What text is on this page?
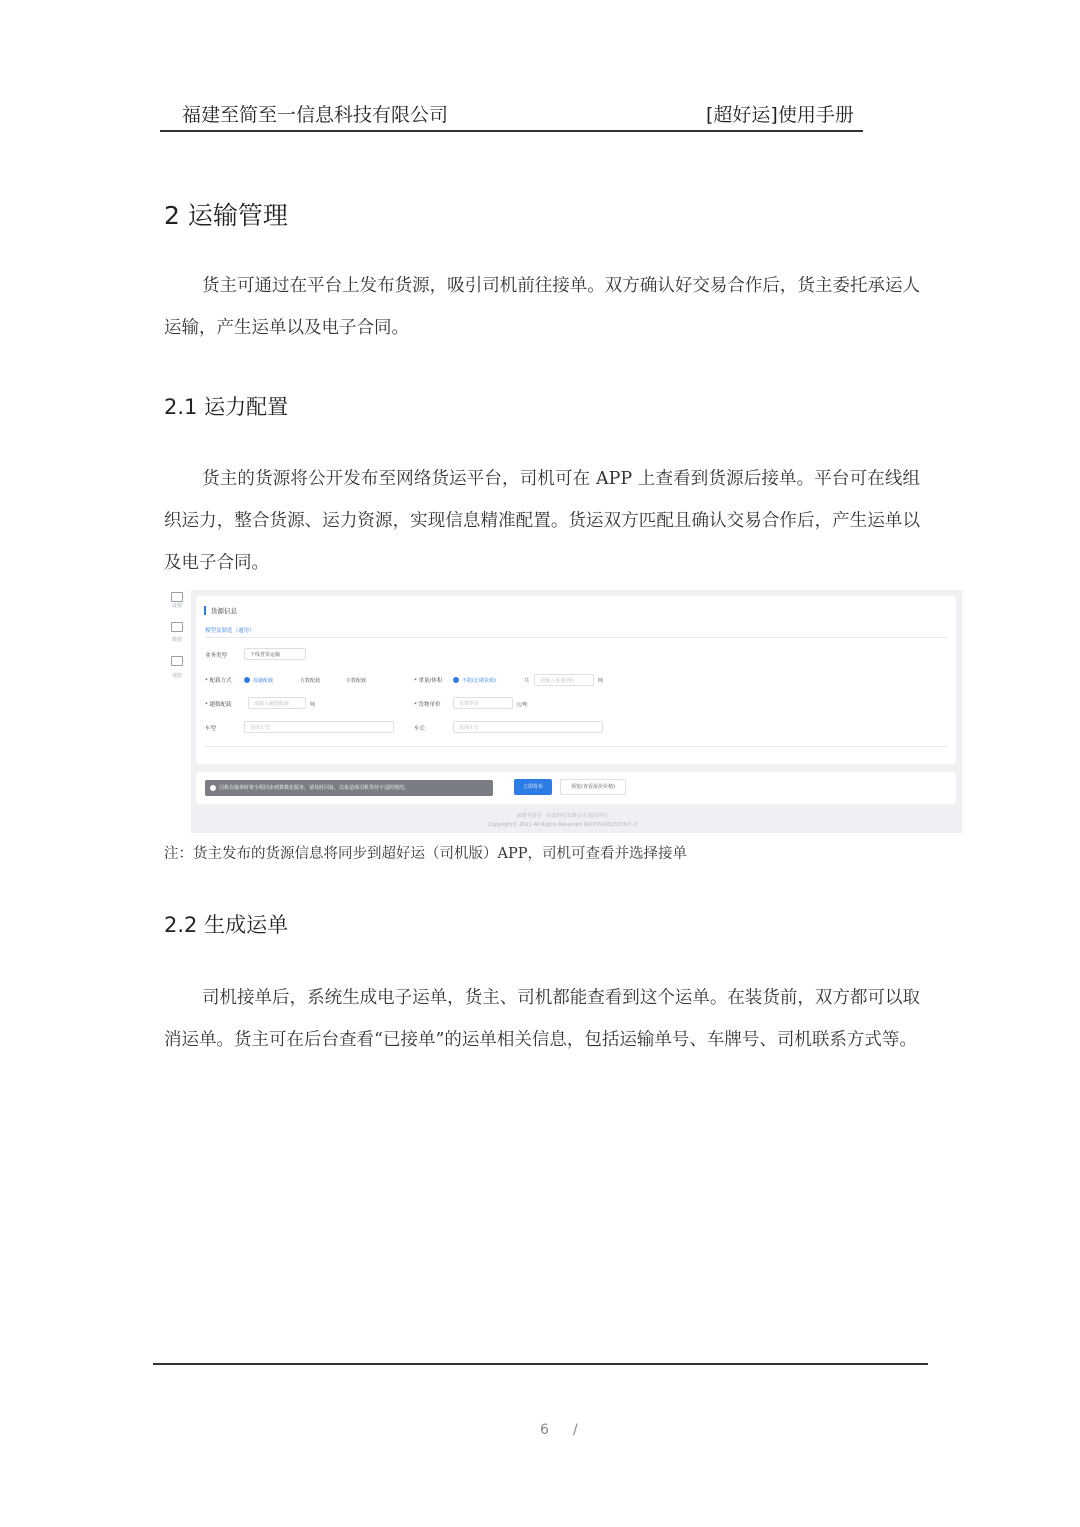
福建至简至一信息科技有限公司	[超好运]使用手册
2 运输管理
货主可通过在平台上发布货源，吸引司机前往接单。双方确认好交易合作后，货主委托承运人运输，产生运单以及电子合同。
2.1 运力配置
货主的货源将公开发布至网络货运平台，司机可在 APP 上查看到货源后接单。平台可在线组织运力，整合货源、运力资源，实现信息精准配置。货运双方匹配且确认交易合作后，产生运单以及电子合同。
设置
数据
通知
货源信息
模型及制造（通用）
业务类型	干线普货运输
* 配载方式	按趟配载	方数配载	车数配载	* 重量/体积	不限(长期货源)	共	请输入重量(吨)	吨
* 趟数配载	请输入趟数配载	吨	* 货物单价	货物单价	元/吨
车型	选择车型	车长	选择车长
司机在接单时将全程同步到算数化服务，请及时回复，以免造成司机等待不适的情况。	立即发布	预览(查看报价价格)
福建至简至一信息科技有限公司 版权所有
Copyright© 2021 All Rights Reserved 闽ICP备19023316号-2
注：货主发布的货源信息将同步到超好运（司机版）APP，司机可查看并选择接单
2.2 生成运单
司机接单后，系统生成电子运单，货主、司机都能查看到这个运单。在装货前，双方都可以取消运单。货主可在后台查看“已接单”的运单相关信息，包括运输单号、车牌号、司机联系方式等。
6 /
